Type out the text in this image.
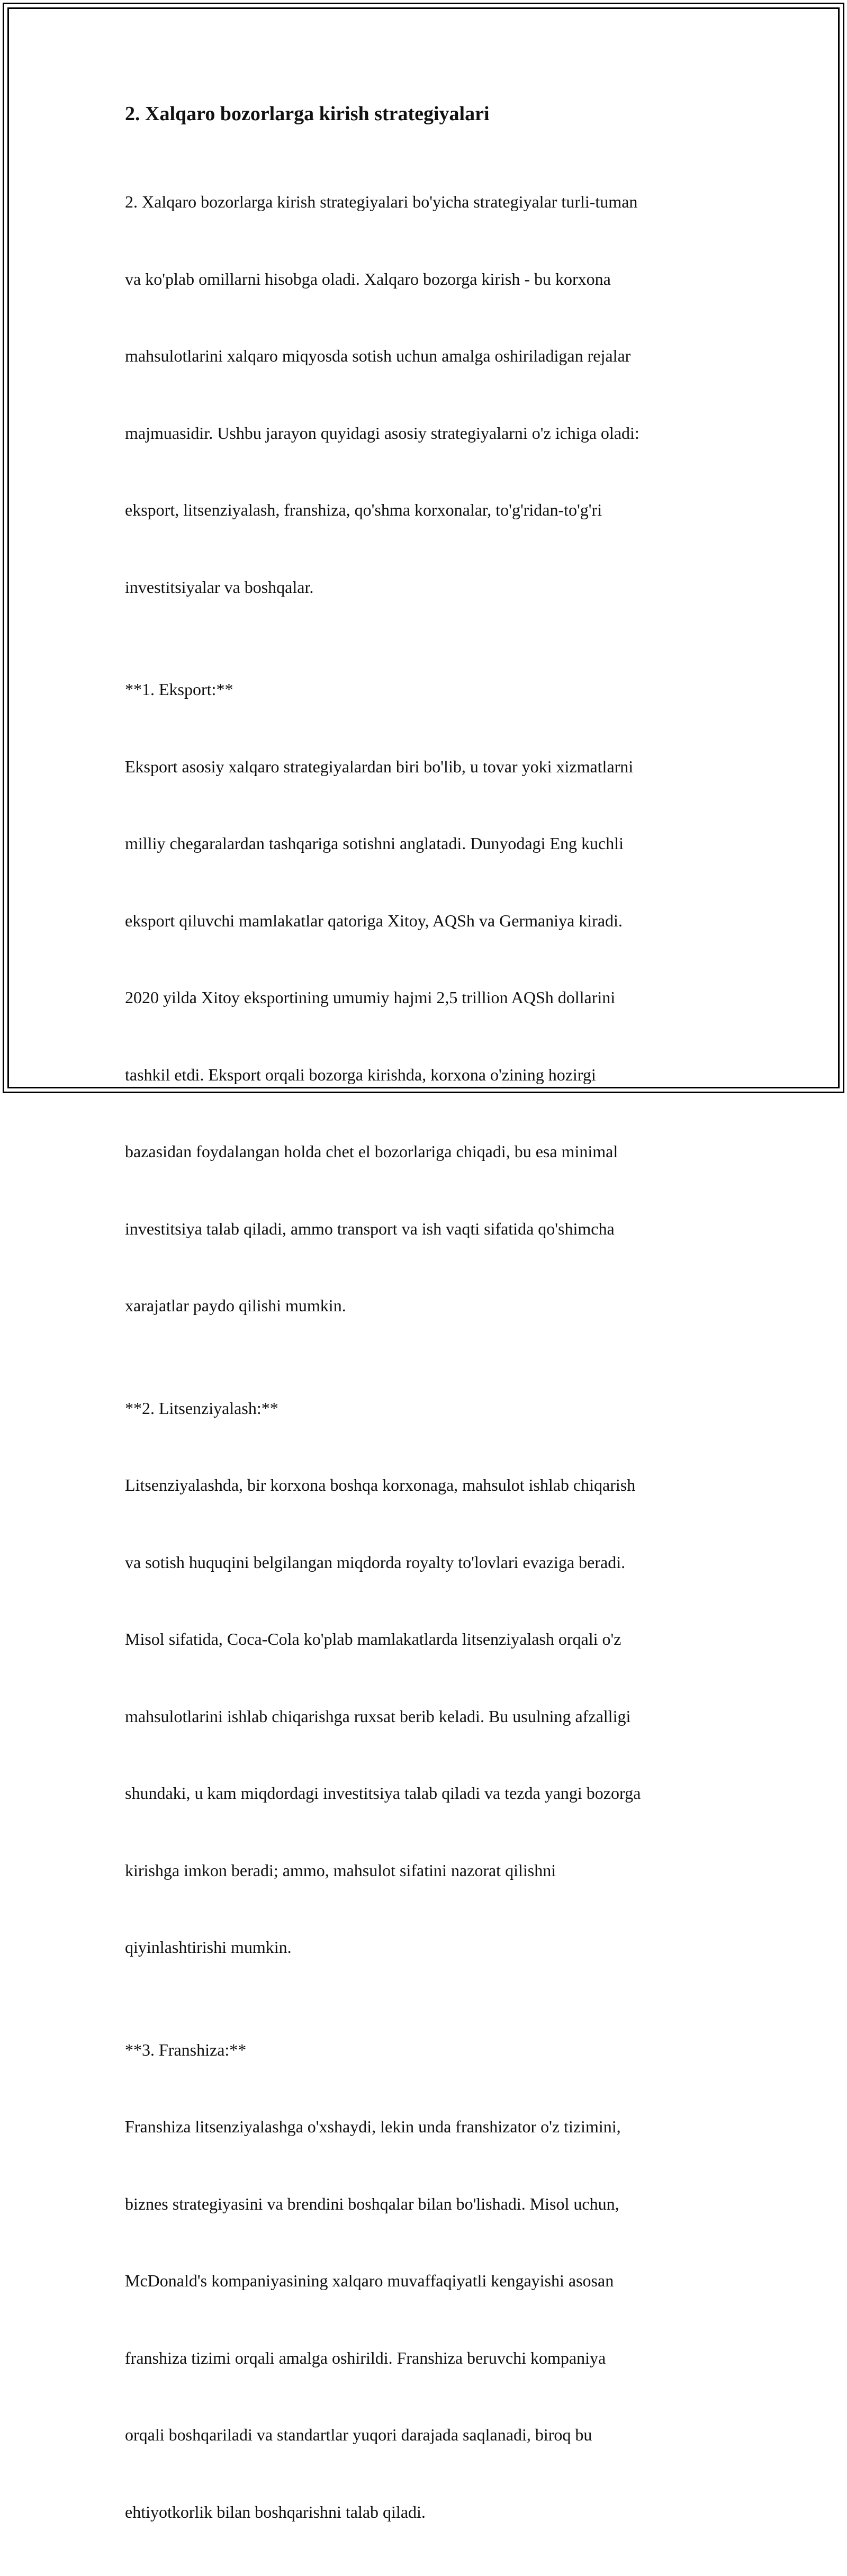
2. Xalqaro bozorlarga kirish strategiyalari

2. Xalqaro bozorlarga kirish strategiyalari bo'yicha strategiyalar turli-tuman

va ko'plab omillarni hisobga oladi. Xalqaro bozorga kirish - bu korxona

mahsulotlarini xalqaro miqyosda sotish uchun amalga oshiriladigan rejalar

majmuasidir. Ushbu jarayon quyidagi asosiy strategiyalarni o'z ichiga oladi:

eksport, litsenziyalash, franshiza, qo'shma korxonalar, to'g'ridan-to'g'ri

investitsiyalar va boshqalar.

**1. Eksport:**

Eksport asosiy xalqaro strategiyalardan biri bo'lib, u tovar yoki xizmatlarni

milliy chegaralardan tashqariga sotishni anglatadi. Dunyodagi Eng kuchli

eksport qiluvchi mamlakatlar qatoriga Xitoy, AQSh va Germaniya kiradi.

2020 yilda Xitoy eksportining umumiy hajmi 2,5 trillion AQSh dollarini

tashkil etdi. Eksport orqali bozorga kirishda, korxona o'zining hozirgi

bazasidan foydalangan holda chet el bozorlariga chiqadi, bu esa minimal

investitsiya talab qiladi, ammo transport va ish vaqti sifatida qo'shimcha

xarajatlar paydo qilishi mumkin.

**2. Litsenziyalash:**

Litsenziyalashda, bir korxona boshqa korxonaga, mahsulot ishlab chiqarish

va sotish huquqini belgilangan miqdorda royalty to'lovlari evaziga beradi.

Misol sifatida, Coca-Cola ko'plab mamlakatlarda litsenziyalash orqali o'z

mahsulotlarini ishlab chiqarishga ruxsat berib keladi. Bu usulning afzalligi

shundaki, u kam miqdordagi investitsiya talab qiladi va tezda yangi bozorga

kirishga imkon beradi; ammo, mahsulot sifatini nazorat qilishni

qiyinlashtirishi mumkin.

**3. Franshiza:**

Franshiza litsenziyalashga o'xshaydi, lekin unda franshizator o'z tizimini,

biznes strategiyasini va brendini boshqalar bilan bo'lishadi. Misol uchun,

McDonald's kompaniyasining xalqaro muvaffaqiyatli kengayishi asosan

franshiza tizimi orqali amalga oshirildi. Franshiza beruvchi kompaniya

orqali boshqariladi va standartlar yuqori darajada saqlanadi, biroq bu

ehtiyotkorlik bilan boshqarishni talab qiladi.
